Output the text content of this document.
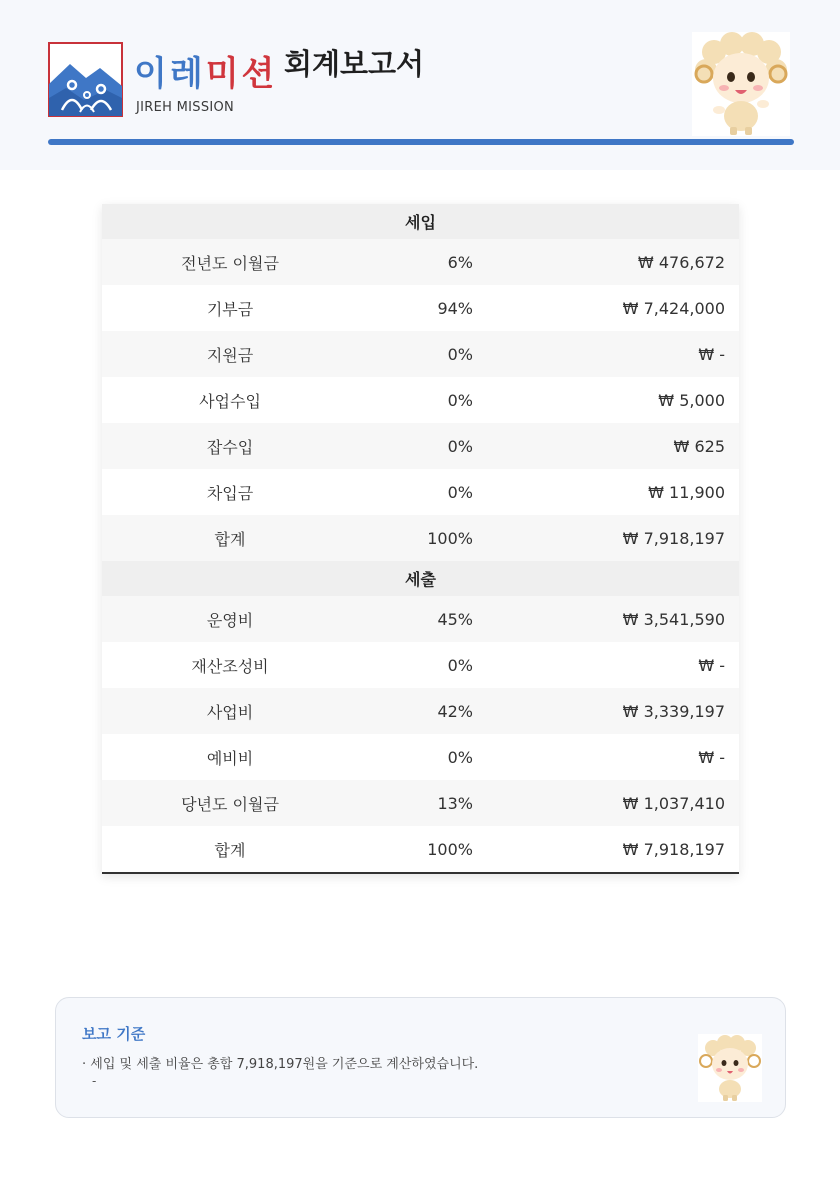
이레미션
JIREH MISSION
회계보고서
세입
전년도 이월금	6%	₩ 476,672
기부금	94%	₩ 7,424,000
지원금	0%	₩ -
사업수입	0%	₩ 5,000
잡수입	0%	₩ 625
차입금	0%	₩ 11,900
합계	100%	₩ 7,918,197
세출
운영비	45%	₩ 3,541,590
재산조성비	0%	₩ -
사업비	42%	₩ 3,339,197
예비비	0%	₩ -
당년도 이월금	13%	₩ 1,037,410
합계	100%	₩ 7,918,197
보고 기준
· 세입 및 세출 비율은 총합 7,918,197원을 기준으로 계산하였습니다.
-
